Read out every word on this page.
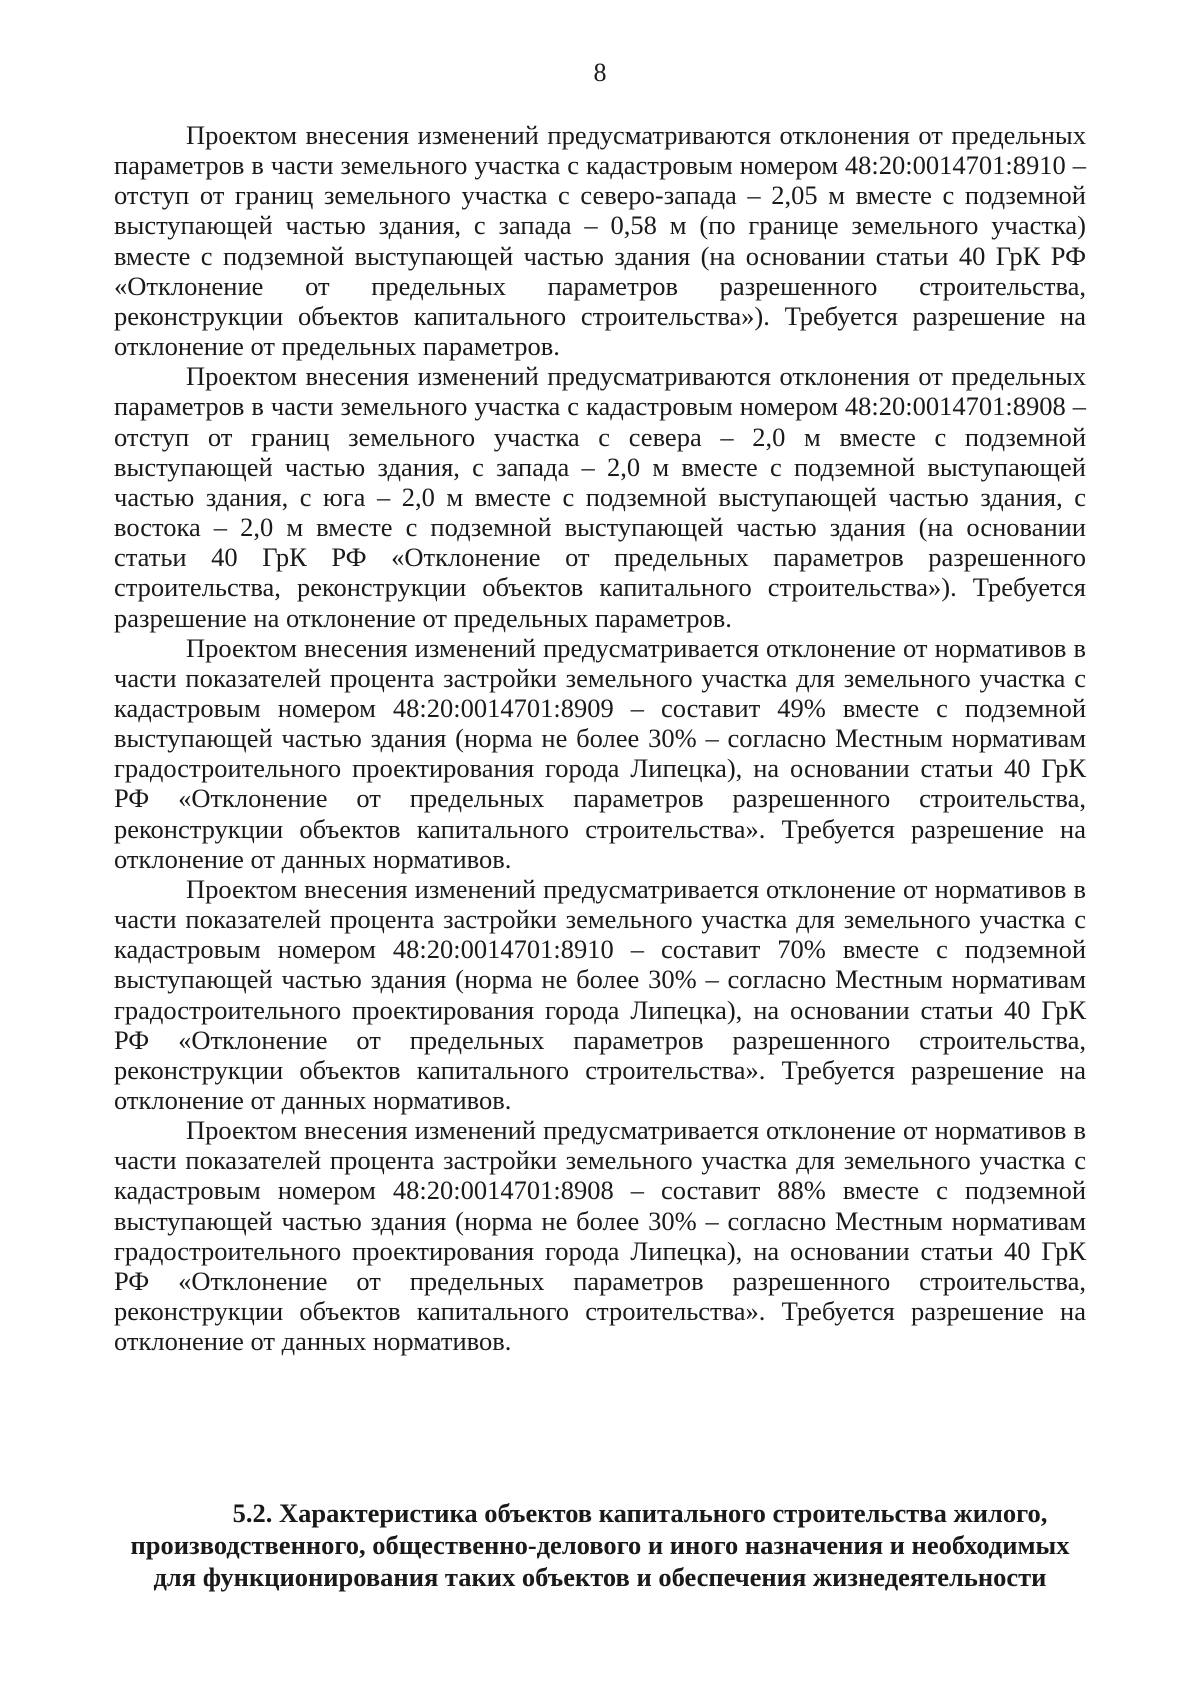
8

Проектом внесения изменений предусматриваются отклонения от предельных параметров в части земельного участка с кадастровым номером 48:20:0014701:8910 – отступ от границ земельного участка с северо-запада – 2,05 м вместе с подземной выступающей частью здания, с запада – 0,58 м (по границе земельного участка) вместе с подземной выступающей частью здания (на основании статьи 40 ГрК РФ «Отклонение от предельных параметров разрешенного строительства, реконструкции объектов капитального строительства»). Требуется разрешение на отклонение от предельных параметров.

Проектом внесения изменений предусматриваются отклонения от предельных параметров в части земельного участка с кадастровым номером 48:20:0014701:8908 – отступ от границ земельного участка с севера – 2,0 м вместе с подземной выступающей частью здания, с запада – 2,0 м вместе с подземной выступающей частью здания, с юга – 2,0 м вместе с подземной выступающей частью здания, с востока – 2,0 м вместе с подземной выступающей частью здания (на основании статьи 40 ГрК РФ «Отклонение от предельных параметров разрешенного строительства, реконструкции объектов капитального строительства»). Требуется разрешение на отклонение от предельных параметров.

Проектом внесения изменений предусматривается отклонение от нормативов в части показателей процента застройки земельного участка для земельного участка с кадастровым номером 48:20:0014701:8909 – составит 49% вместе с подземной выступающей частью здания (норма не более 30% – согласно Местным нормативам градостроительного проектирования города Липецка), на основании статьи 40 ГрК РФ «Отклонение от предельных параметров разрешенного строительства, реконструкции объектов капитального строительства». Требуется разрешение на отклонение от данных нормативов.

Проектом внесения изменений предусматривается отклонение от нормативов в части показателей процента застройки земельного участка для земельного участка с кадастровым номером 48:20:0014701:8910 – составит 70% вместе с подземной выступающей частью здания (норма не более 30% – согласно Местным нормативам градостроительного проектирования города Липецка), на основании статьи 40 ГрК РФ «Отклонение от предельных параметров разрешенного строительства, реконструкции объектов капитального строительства». Требуется разрешение на отклонение от данных нормативов.

Проектом внесения изменений предусматривается отклонение от нормативов в части показателей процента застройки земельного участка для земельного участка с кадастровым номером 48:20:0014701:8908 – составит 88% вместе с подземной выступающей частью здания (норма не более 30% – согласно Местным нормативам градостроительного проектирования города Липецка), на основании статьи 40 ГрК РФ «Отклонение от предельных параметров разрешенного строительства, реконструкции объектов капитального строительства». Требуется разрешение на отклонение от данных нормативов.

5.2. Характеристика объектов капитального строительства жилого,
производственного, общественно-делового и иного назначения и необходимых
для функционирования таких объектов и обеспечения жизнедеятельности
